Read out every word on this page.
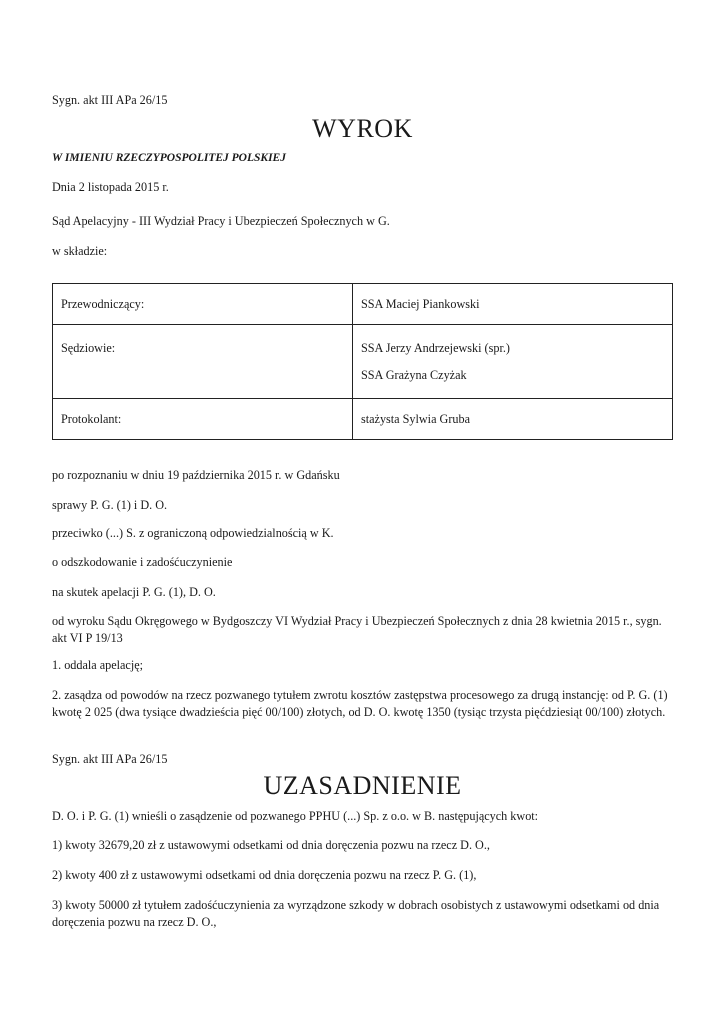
Sygn. akt III APa 26/15
WYROK
W IMIENIU RZECZYPOSPOLITEJ POLSKIEJ
Dnia 2 listopada 2015 r.
Sąd Apelacyjny - III Wydział Pracy i Ubezpieczeń Społecznych w G.
w składzie:
Przewodniczący:	SSA Maciej Piankowski
Sędziowie:	SSA Jerzy Andrzejewski (spr.)
SSA Grażyna Czyżak

Protokolant:	stażysta Sylwia Gruba
po rozpoznaniu w dniu 19 października 2015 r. w Gdańsku
sprawy P. G. (1) i D. O.
przeciwko (...) S. z ograniczoną odpowiedzialnością w K.
o odszkodowanie i zadośćuczynienie
na skutek apelacji P. G. (1), D. O.
od wyroku Sądu Okręgowego w Bydgoszczy VI Wydział Pracy i Ubezpieczeń Społecznych z dnia 28 kwietnia 2015 r., sygn. akt VI P 19/13
1. oddala apelację;
2. zasądza od powodów na rzecz pozwanego tytułem zwrotu kosztów zastępstwa procesowego za drugą instancję: od P. G. (1) kwotę 2 025 (dwa tysiące dwadzieścia pięć 00/100) złotych, od D. O. kwotę 1350 (tysiąc trzysta pięćdziesiąt 00/100) złotych.
Sygn. akt III APa 26/15
UZASADNIENIE
D. O. i P. G. (1) wnieśli o zasądzenie od pozwanego PPHU (...) Sp. z o.o. w B. następujących kwot:
1) kwoty 32679,20 zł z ustawowymi odsetkami od dnia doręczenia pozwu na rzecz D. O.,
2) kwoty 400 zł z ustawowymi odsetkami od dnia doręczenia pozwu na rzecz P. G. (1),
3) kwoty 50000 zł tytułem zadośćuczynienia za wyrządzone szkody w dobrach osobistych z ustawowymi odsetkami od dnia doręczenia pozwu na rzecz D. O.,
